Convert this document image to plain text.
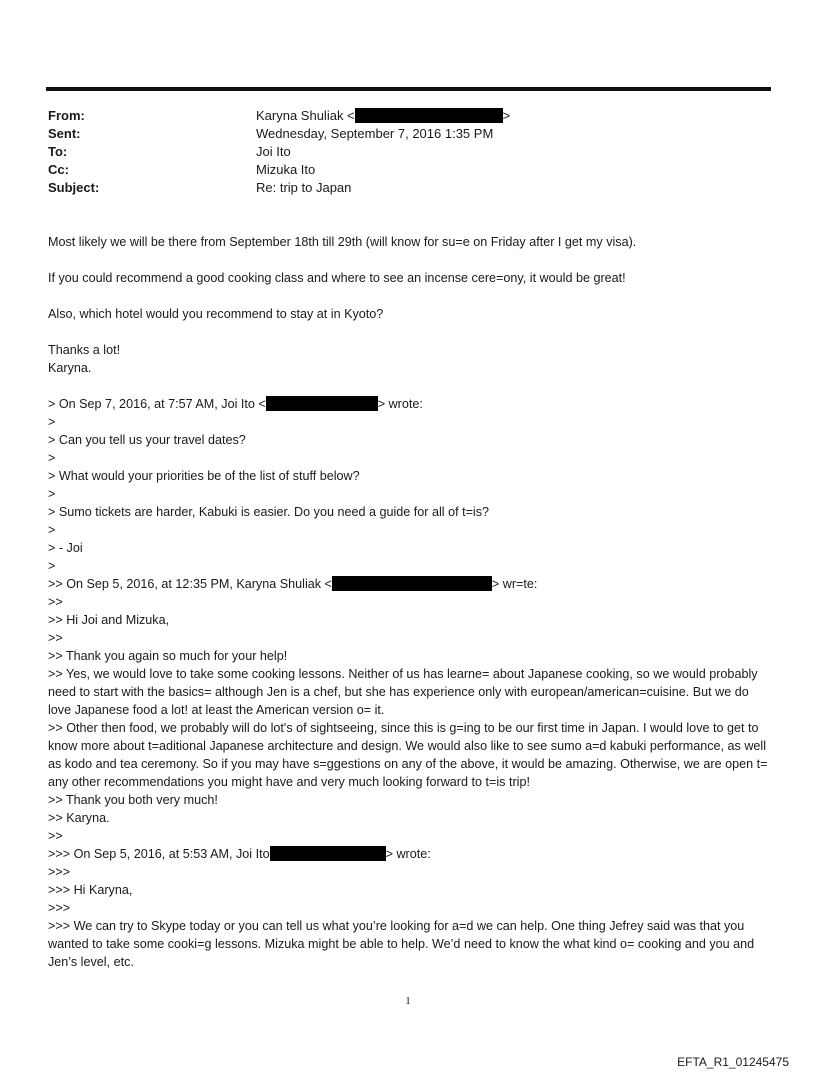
From:	Karyna Shuliak <	>
Sent:	Wednesday, September 7, 2016 1:35 PM
To:	Joi Ito
Cc:	Mizuka Ito
Subject:	Re: trip to Japan

Most likely we will be there from September 18th till 29th (will know for su=e on Friday after I get my visa).

If you could recommend a good cooking class and where to see an incense cere=ony, it would be great!

Also, which hotel would you recommend to stay at in Kyoto?

Thanks a lot!

Karyna.

> On Sep 7, 2016, at 7:57 AM, Joi Ito <	> wrote:

>

> Can you tell us your travel dates?

>

> What would your priorities be of the list of stuff below?

>

> Sumo tickets are harder, Kabuki is easier. Do you need a guide for all of t=is?

>

> - Joi

>

>> On Sep 5, 2016, at 12:35 PM, Karyna Shuliak <	> wr=te:

>>

>> Hi Joi and Mizuka,

>>

>> Thank you again so much for your help!

>> Yes, we would love to take some cooking lessons. Neither of us has learne= about Japanese cooking, so we would probably need to start with the basics= although Jen is a chef, but she has experience only with european/american=cuisine. But we do love Japanese food a lot! at least the American version o= it.

>> Other then food, we probably will do lot's of sightseeing, since this is g=ing to be our first time in Japan. I would love to get to know more about t=aditional Japanese architecture and design. We would also like to see sumo a=d kabuki performance, as well as kodo and tea ceremony. So if you may have s=ggestions on any of the above, it would be amazing. Otherwise, we are open t= any other recommendations you might have and very much looking forward to t=is trip!

>> Thank you both very much!

>> Karyna.

>>

>>> On Sep 5, 2016, at 5:53 AM, Joi Ito	> wrote:

>>>

>>> Hi Karyna,

>>>

>>> We can try to Skype today or you can tell us what you’re looking for a=d we can help. One thing Jefrey said was that you wanted to take some cooki=g lessons. Mizuka might be able to help. We’d need to know the what kind o= cooking and you and Jen’s level, etc.

1
EFTA_R1_01245475
